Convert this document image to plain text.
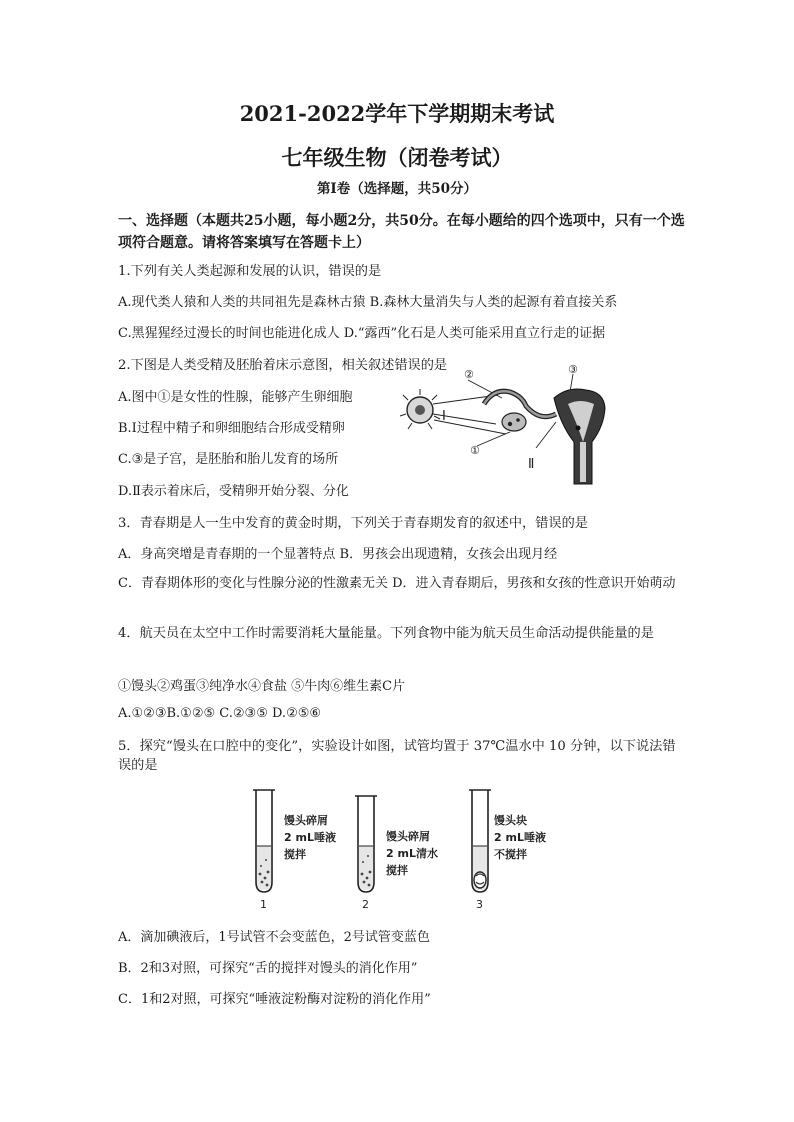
2021-2022学年下学期期末考试
七年级生物（闭卷考试）
第Ⅰ卷（选择题，共50分）
一、选择题（本题共25小题，每小题2分，共50分。在每小题给的四个选项中，只有一个选项符合题意。请将答案填写在答题卡上）
1.下列有关人类起源和发展的认识，错误的是
A.现代类人猿和人类的共同祖先是森林古猿 B.森林大量消失与人类的起源有着直接关系
C.黑猩猩经过漫长的时间也能进化成人 D.“露西”化石是人类可能采用直立行走的证据
2.下图是人类受精及胚胎着床示意图，相关叙述错误的是
A.图中①是女性的性腺，能够产生卵细胞
B.Ⅰ过程中精子和卵细胞结合形成受精卵
C.③是子宫，是胚胎和胎儿发育的场所
D.Ⅱ表示着床后，受精卵开始分裂、分化
②	③
Ⅰ
①
Ⅱ
3．青春期是人一生中发育的黄金时期，下列关于青春期发育的叙述中，错误的是
A．身高突增是青春期的一个显著特点 B．男孩会出现遗精，女孩会出现月经
C．青春期体形的变化与性腺分泌的性激素无关 D．进入青春期后，男孩和女孩的性意识开始萌动
4．航天员在太空中工作时需要消耗大量能量。下列食物中能为航天员生命活动提供能量的是
①馒头②鸡蛋③纯净水④食盐 ⑤牛肉⑥维生素C片
A.①②③B.①②⑤ C.②③⑤ D.②⑤⑥
5．探究“馒头在口腔中的变化”，实验设计如图，试管均置于 37℃温水中 10 分钟，以下说法错误的是
馒头碎屑
2 mL唾液
搅拌
1
馒头碎屑
2 mL清水
搅拌
2
馒头块
2 mL唾液
不搅拌
3
A．滴加碘液后，1号试管不会变蓝色，2号试管变蓝色
B．2和3对照，可探究“舌的搅拌对馒头的消化作用”
C．1和2对照，可探究“唾液淀粉酶对淀粉的消化作用”
